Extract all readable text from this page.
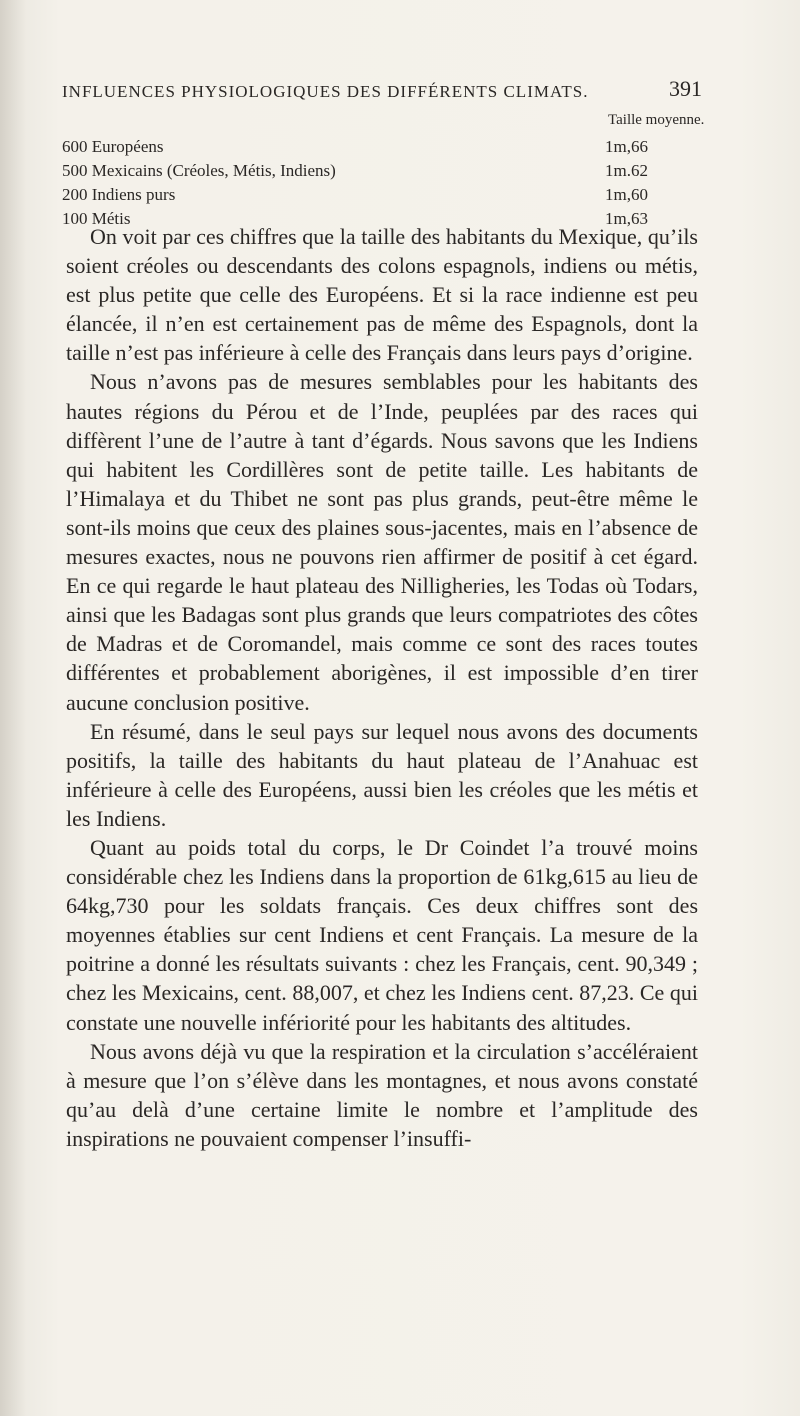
INFLUENCES PHYSIOLOGIQUES DES DIFFÉRENTS CLIMATS.	391
Taille moyenne.
600 Européens	1m,66
500 Mexicains (Créoles, Métis, Indiens)	1m.62
200 Indiens purs	1m,60
100 Métis	1m,63

On voit par ces chiffres que la taille des habitants du Mexique, qu’ils soient créoles ou descendants des colons espagnols, indiens ou métis, est plus petite que celle des Européens. Et si la race indienne est peu élancée, il n’en est certainement pas de même des Espagnols, dont la taille n’est pas inférieure à celle des Français dans leurs pays d’origine.

Nous n’avons pas de mesures semblables pour les habitants des hautes régions du Pérou et de l’Inde, peuplées par des races qui diffèrent l’une de l’autre à tant d’égards. Nous savons que les Indiens qui habitent les Cordillères sont de petite taille. Les habitants de l’Himalaya et du Thibet ne sont pas plus grands, peut-être même le sont-ils moins que ceux des plaines sous-jacentes, mais en l’absence de mesures exactes, nous ne pouvons rien affirmer de positif à cet égard. En ce qui regarde le haut plateau des Nilligheries, les Todas où Todars, ainsi que les Badagas sont plus grands que leurs compatriotes des côtes de Madras et de Coromandel, mais comme ce sont des races toutes différentes et probablement aborigènes, il est impossible d’en tirer aucune conclusion positive.

En résumé, dans le seul pays sur lequel nous avons des documents positifs, la taille des habitants du haut plateau de l’Anahuac est inférieure à celle des Européens, aussi bien les créoles que les métis et les Indiens.

Quant au poids total du corps, le Dr Coindet l’a trouvé moins considérable chez les Indiens dans la proportion de 61kg,615 au lieu de 64kg,730 pour les soldats français. Ces deux chiffres sont des moyennes établies sur cent Indiens et cent Français. La mesure de la poitrine a donné les résultats suivants : chez les Français, cent. 90,349 ; chez les Mexicains, cent. 88,007, et chez les Indiens cent. 87,23. Ce qui constate une nouvelle infériorité pour les habitants des altitudes.

Nous avons déjà vu que la respiration et la circulation s’accéléraient à mesure que l’on s’élève dans les montagnes, et nous avons constaté qu’au delà d’une certaine limite le nombre et l’amplitude des inspirations ne pouvaient compenser l’insuffi-
